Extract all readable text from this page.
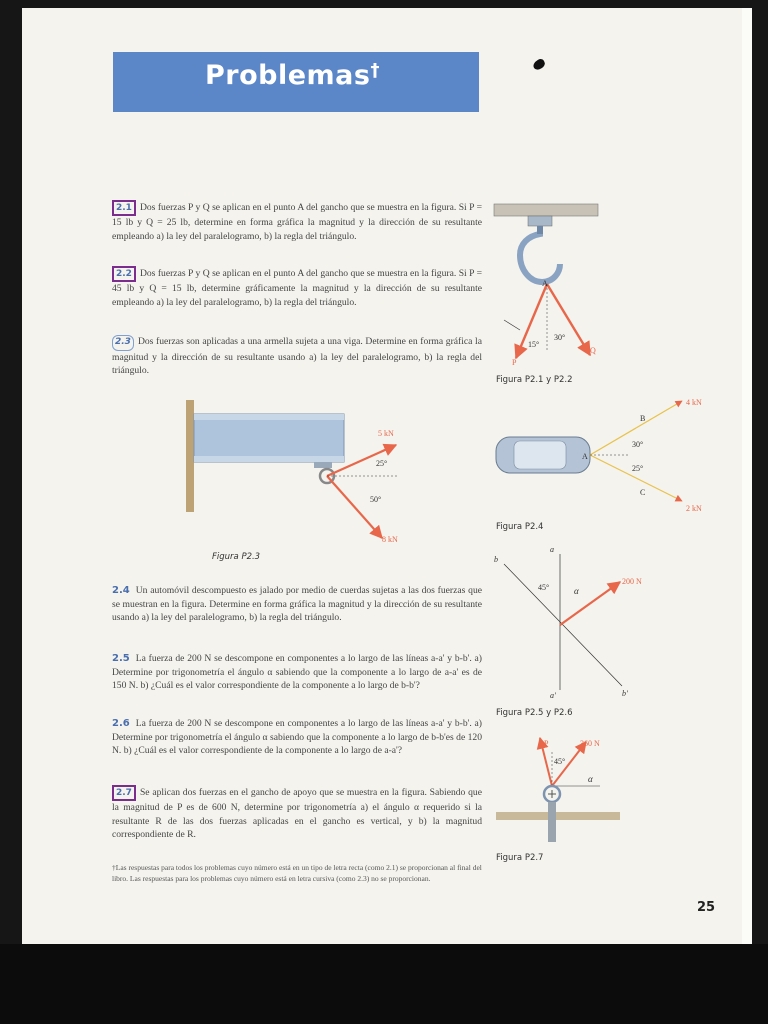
Problemas†
2.1 Dos fuerzas P y Q se aplican en el punto A del gancho que se muestra en la figura. Si P = 15 lb y Q = 25 lb, determine en forma gráfica la magnitud y la dirección de su resultante empleando a) la ley del paralelogramo, b) la regla del triángulo.
2.2 Dos fuerzas P y Q se aplican en el punto A del gancho que se muestra en la figura. Si P = 45 lb y Q = 15 lb, determine gráficamente la magnitud y la dirección de su resultante empleando a) la ley del paralelogramo, b) la regla del triángulo.
2.3 Dos fuerzas son aplicadas a una armella sujeta a una viga. Determine en forma gráfica la magnitud y la dirección de su resultante usando a) la ley del paralelogramo, b) la regla del triángulo.
A
15°
30°
P
Q
Figura P2.1 y P2.2
5 kN
8 kN
25°
50°
Figura P2.3
B
C
A
30°
25°
4 kN
2 kN
Figura P2.4
2.4 Un automóvil descompuesto es jalado por medio de cuerdas sujetas a las dos fuerzas que se muestran en la figura. Determine en forma gráfica la magnitud y la dirección de su resultante usando a) la ley del paralelogramo, b) la regla del triángulo.
2.5 La fuerza de 200 N se descompone en componentes a lo largo de las líneas a-a' y b-b'. a) Determine por trigonometría el ángulo α sabiendo que la componente a lo largo de a-a' es de 150 N. b) ¿Cuál es el valor correspondiente de la componente a lo largo de b-b'?
2.6 La fuerza de 200 N se descompone en componentes a lo largo de las líneas a-a' y b-b'. a) Determine por trigonometría el ángulo α sabiendo que la componente a lo largo de b-b'es de 120 N. b) ¿Cuál es el valor correspondiente de la componente a lo largo de a-a'?
2.7 Se aplican dos fuerzas en el gancho de apoyo que se muestra en la figura. Sabiendo que la magnitud de P es de 600 N, determine por trigonometría a) el ángulo α requerido si la resultante R de las dos fuerzas aplicadas en el gancho es vertical, y b) la magnitud correspondiente de R.
a
a'
b
b'
45°	α
200 N
Figura P2.5 y P2.6
P	360 N
45°
α
Figura P2.7
†Las respuestas para todos los problemas cuyo número está en un tipo de letra recta (como 2.1) se proporcionan al final del libro. Las respuestas para los problemas cuyo número está en letra cursiva (como 2.3) no se proporcionan.
25
